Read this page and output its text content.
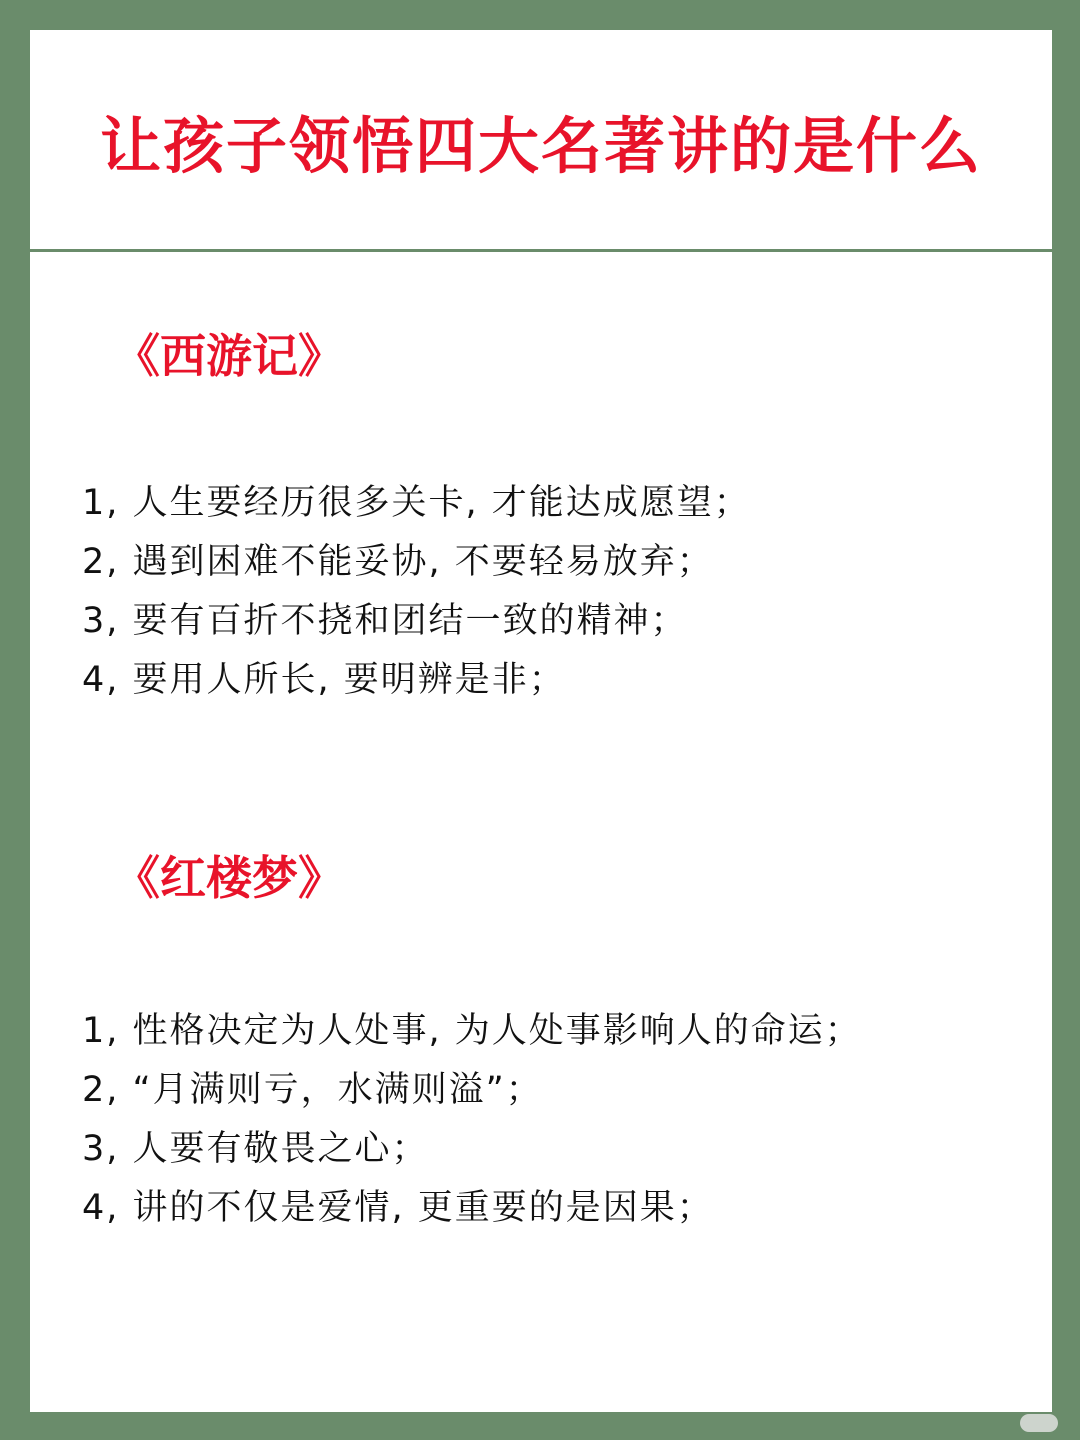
让孩子领悟四大名著讲的是什么
《西游记》
1, 人生要经历很多关卡, 才能达成愿望；
2, 遇到困难不能妥协, 不要轻易放弃；
3, 要有百折不挠和团结一致的精神；
4, 要用人所长, 要明辨是非；
《红楼梦》
1, 性格决定为人处事, 为人处事影响人的命运；
2, “月满则亏，水满则溢”；
3, 人要有敬畏之心；
4, 讲的不仅是爱情, 更重要的是因果；
